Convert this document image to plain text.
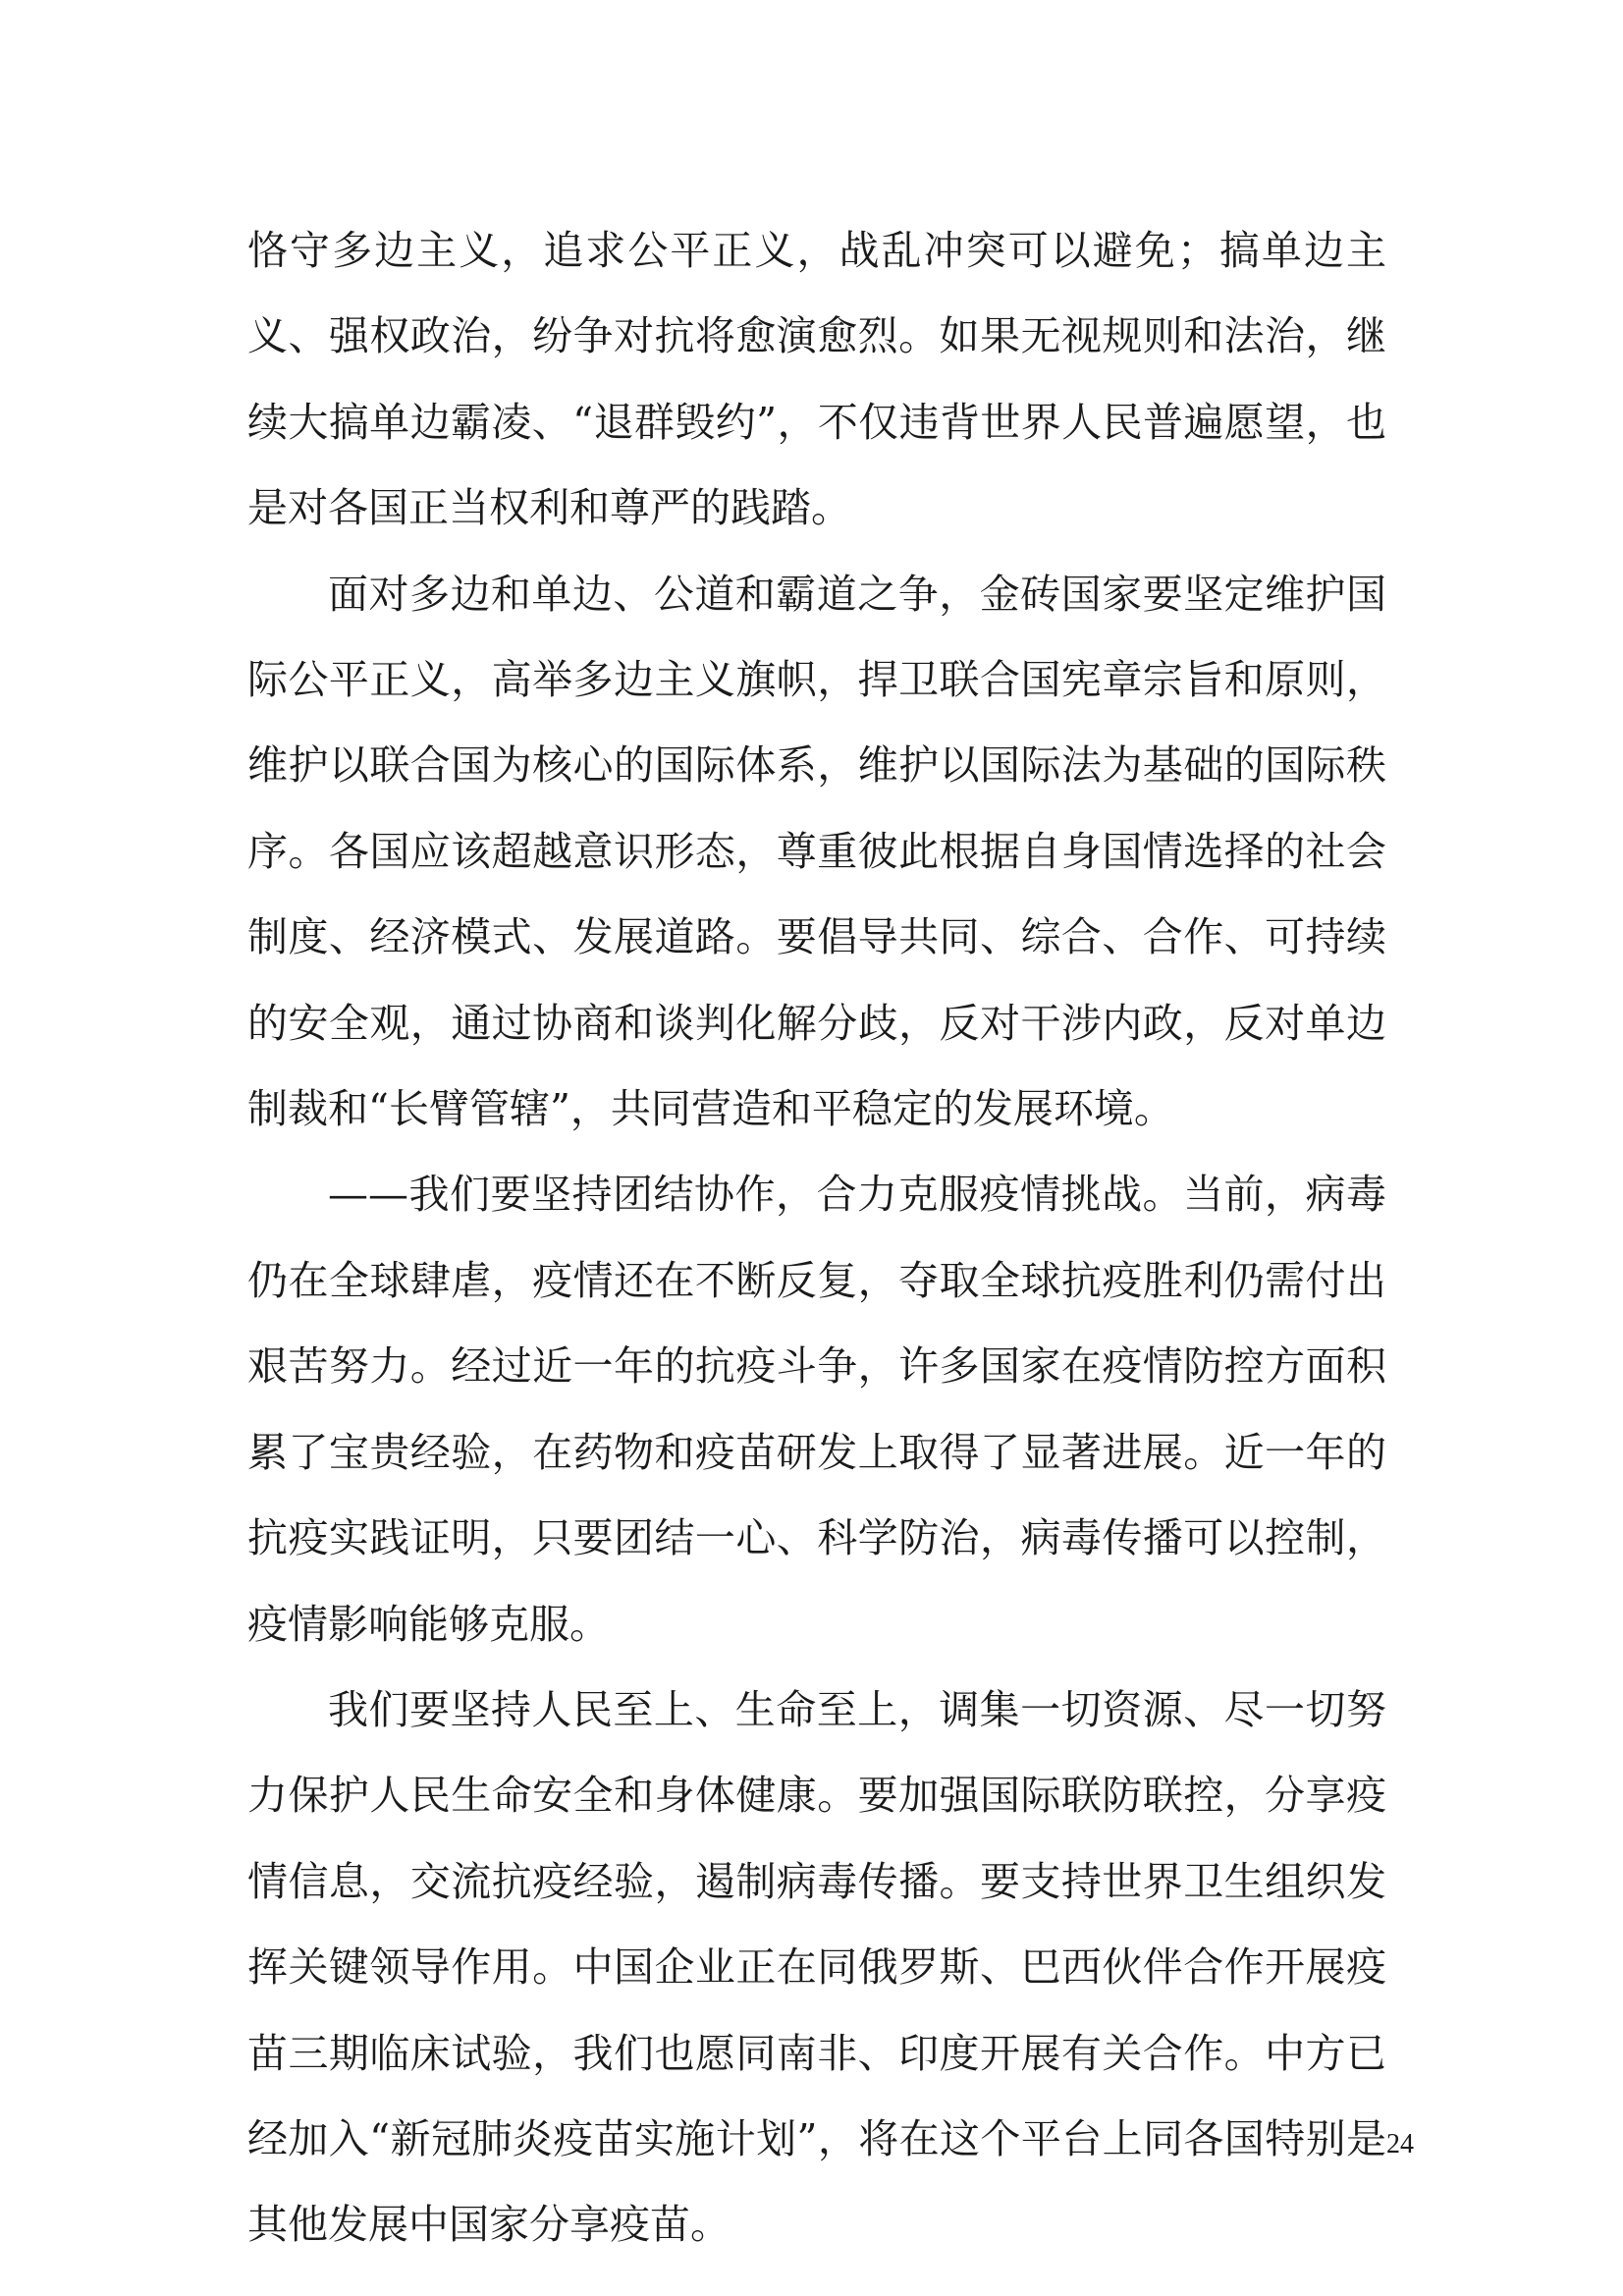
恪守多边主义，追求公平正义，战乱冲突可以避免；搞单边主义、强权政治，纷争对抗将愈演愈烈。如果无视规则和法治，继续大搞单边霸凌、“退群毁约”，不仅违背世界人民普遍愿望，也是对各国正当权利和尊严的践踏。

面对多边和单边、公道和霸道之争，金砖国家要坚定维护国际公平正义，高举多边主义旗帜，捍卫联合国宪章宗旨和原则，维护以联合国为核心的国际体系，维护以国际法为基础的国际秩序。各国应该超越意识形态，尊重彼此根据自身国情选择的社会制度、经济模式、发展道路。要倡导共同、综合、合作、可持续的安全观，通过协商和谈判化解分歧，反对干涉内政，反对单边制裁和“长臂管辖”，共同营造和平稳定的发展环境。

——我们要坚持团结协作，合力克服疫情挑战。当前，病毒仍在全球肆虐，疫情还在不断反复，夺取全球抗疫胜利仍需付出艰苦努力。经过近一年的抗疫斗争，许多国家在疫情防控方面积累了宝贵经验，在药物和疫苗研发上取得了显著进展。近一年的抗疫实践证明，只要团结一心、科学防治，病毒传播可以控制，疫情影响能够克服。

我们要坚持人民至上、生命至上，调集一切资源、尽一切努力保护人民生命安全和身体健康。要加强国际联防联控，分享疫情信息，交流抗疫经验，遏制病毒传播。要支持世界卫生组织发挥关键领导作用。中国企业正在同俄罗斯、巴西伙伴合作开展疫苗三期临床试验，我们也愿同南非、印度开展有关合作。中方已经加入“新冠肺炎疫苗实施计划”，将在这个平台上同各国特别是其他发展中国家分享疫苗。

24
